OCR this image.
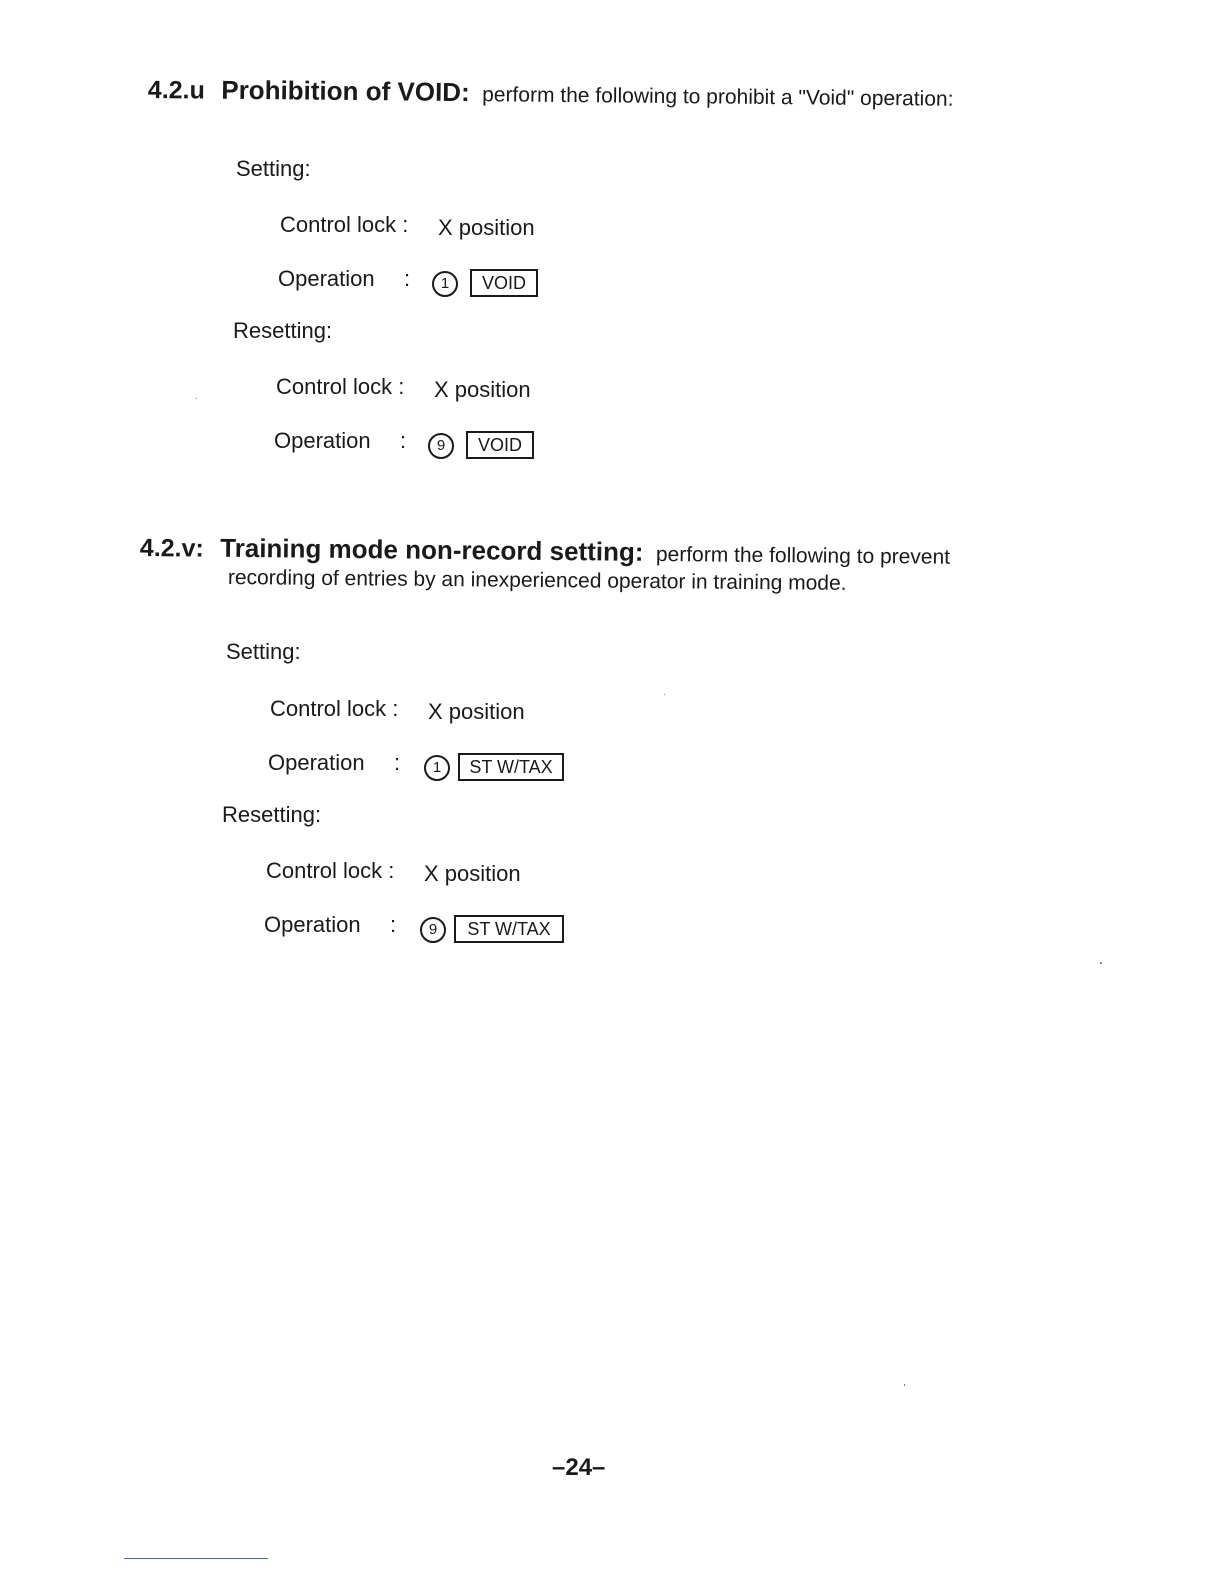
4.2.u Prohibition of VOID: perform the following to prohibit a "Void" operation:
Setting:
Control lock : X position
Operation :	1	VOID
Resetting:
Control lock : X position
Operation :	9	VOID
4.2.v: Training mode non-record setting: perform the following to prevent
recording of entries by an inexperienced operator in training mode.
Setting:
Control lock : X position
Operation :	1	ST W/TAX
Resetting:
Control lock : X position
Operation :	9	ST W/TAX
–24–
